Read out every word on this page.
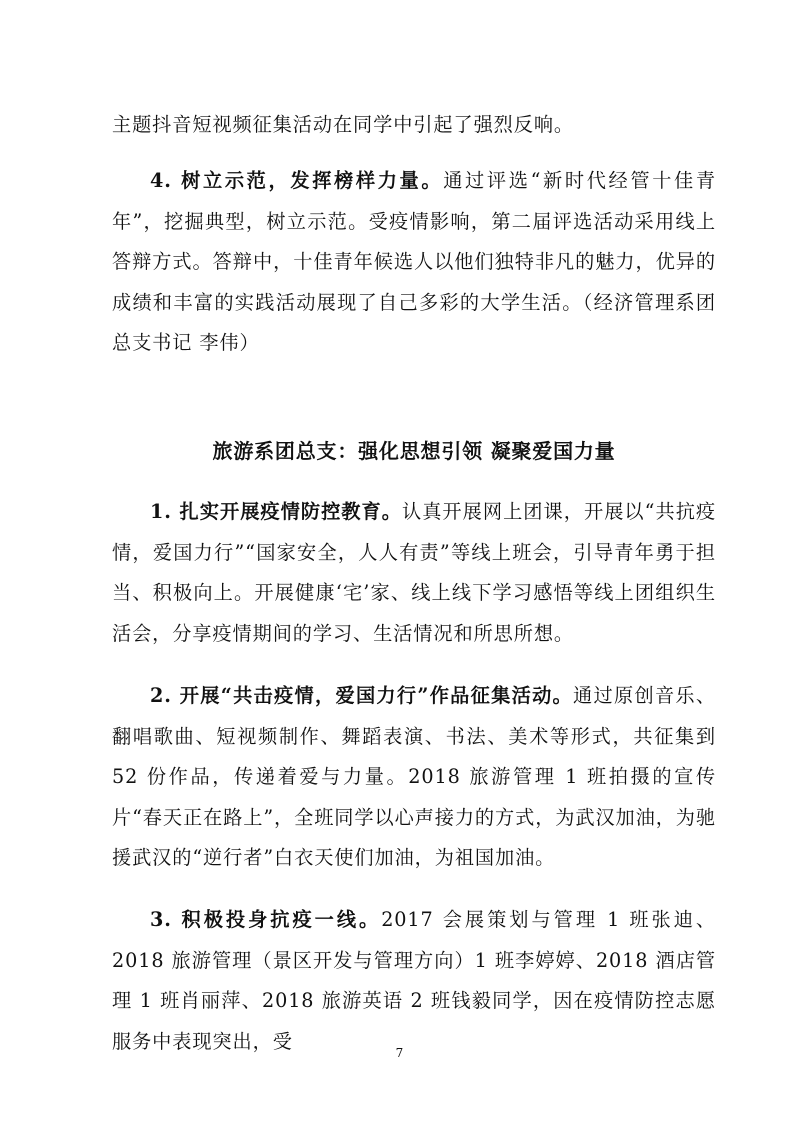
主题抖音短视频征集活动在同学中引起了强烈反响。

4. 树立示范，发挥榜样力量。通过评选“新时代经管十佳青年”，挖掘典型，树立示范。受疫情影响，第二届评选活动采用线上答辩方式。答辩中，十佳青年候选人以他们独特非凡的魅力，优异的成绩和丰富的实践活动展现了自己多彩的大学生活。（经济管理系团总支书记 李伟）

旅游系团总支：强化思想引领 凝聚爱国力量

1. 扎实开展疫情防控教育。认真开展网上团课，开展以“共抗疫情，爱国力行”“国家安全，人人有责”等线上班会，引导青年勇于担当、积极向上。开展健康‘宅’家、线上线下学习感悟等线上团组织生活会，分享疫情期间的学习、生活情况和所思所想。

2. 开展“共击疫情，爱国力行”作品征集活动。通过原创音乐、翻唱歌曲、短视频制作、舞蹈表演、书法、美术等形式，共征集到 52 份作品，传递着爱与力量。2018 旅游管理 1 班拍摄的宣传片“春天正在路上”，全班同学以心声接力的方式，为武汉加油，为驰援武汉的“逆行者”白衣天使们加油，为祖国加油。

3. 积极投身抗疫一线。2017 会展策划与管理 1 班张迪、2018 旅游管理（景区开发与管理方向）1 班李婷婷、2018 酒店管理 1 班肖丽萍、2018 旅游英语 2 班钱毅同学，因在疫情防控志愿服务中表现突出，受

7
